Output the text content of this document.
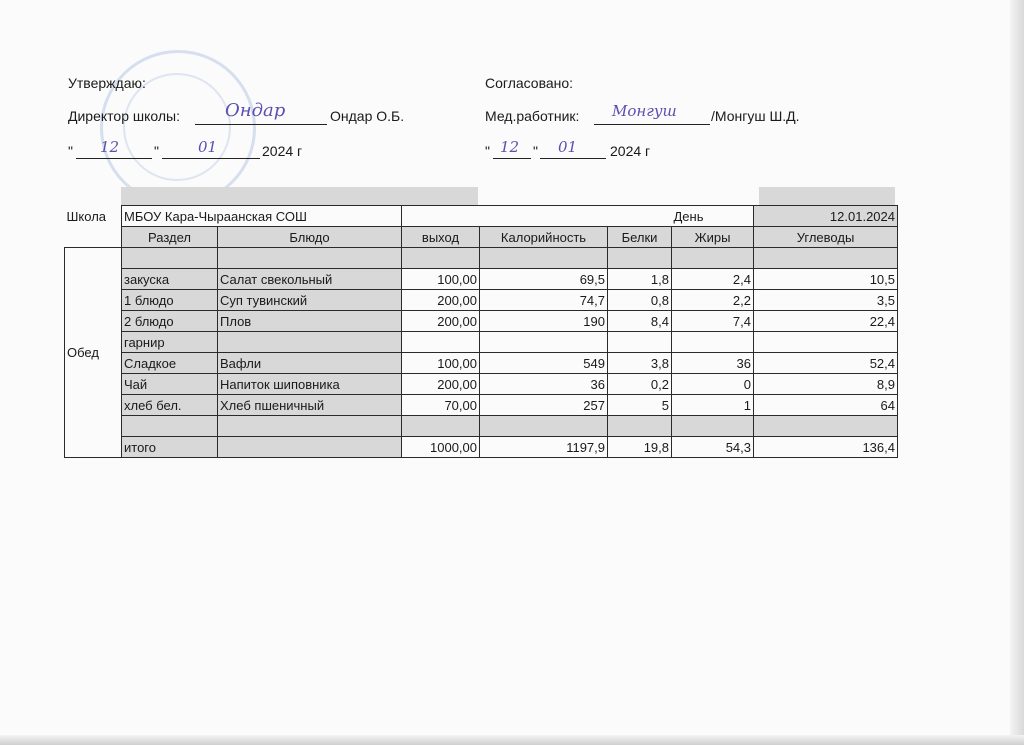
Утверждаю:
Директор школы:	Ондар	Ондар О.Б.
" 12 "	01	2024 г
Согласовано:
Мед.работник: Монгуш /Монгуш Ш.Д.
" 12 " 01 2024 г
Школа	МБОУ Кара-Чыраанская СОШ					День	12.01.2024
	Раздел	Блюдо	выход	Калорийность	Белки	Жиры	Углеводы
Обед							
	закуска	Салат свекольный	100,00	69,5	1,8	2,4	10,5
	1 блюдо	Суп тувинский	200,00	74,7	0,8	2,2	3,5
	2 блюдо	Плов	200,00	190	8,4	7,4	22,4
	гарнир						
	Сладкое	Вафли	100,00	549	3,8	36	52,4
	Чай	Напиток шиповника	200,00	36	0,2	0	8,9
	хлеб бел.	Хлеб пшеничный	70,00	257	5	1	64

	итого		1000,00	1197,9	19,8	54,3	136,4
